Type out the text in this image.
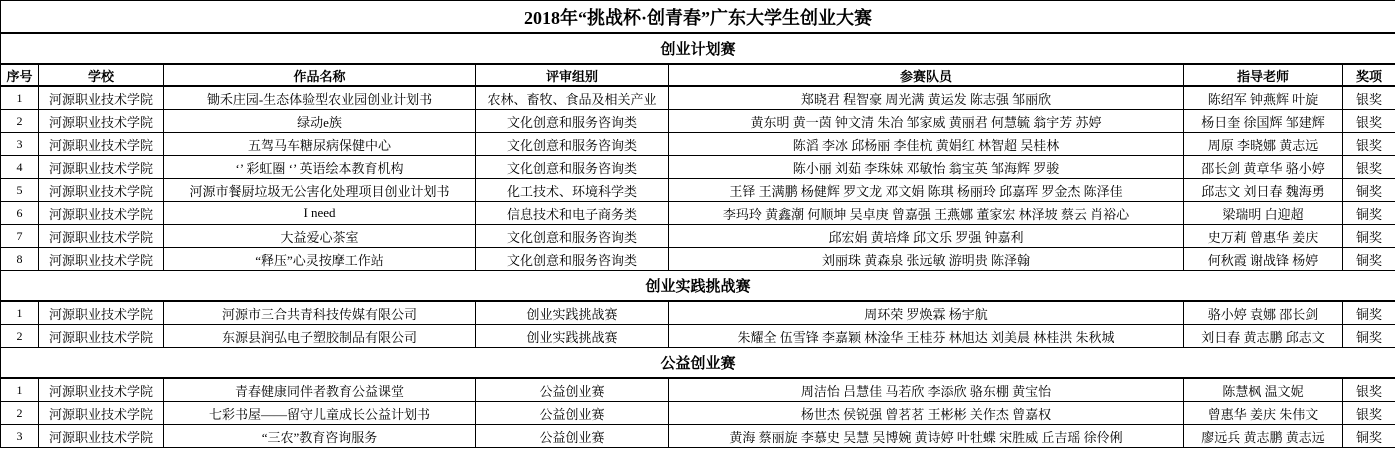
2018年“挑战杯·创青春”广东大学生创业大赛						
创业计划赛						
序号	学校	作品名称	评审组别	参赛队员	指导老师	奖项
1	河源职业技术学院	锄禾庄园-生态体验型农业园创业计划书	农林、畜牧、食品及相关产业	郑晓君 程智豪 周光满 黄运发 陈志强 邹丽欣	陈绍军 钟燕辉 叶旋	银奖
2	河源职业技术学院	绿动e族	文化创意和服务咨询类	黄东明 黄一茵 钟文清 朱冶 邹家威 黄丽君 何慧毓 翁宇芳 苏婷	杨日奎 徐国辉 邹建辉	银奖
3	河源职业技术学院	五驾马车糖尿病保健中心	文化创意和服务咨询类	陈滔 李冰 邱杨丽 李佳杭 黄娟红 林智超 吴桂林	周原 李晓娜 黄志远	银奖
4	河源职业技术学院	‘’ 彩虹圈 ‘’ 英语绘本教育机构	文化创意和服务咨询类	陈小丽 刘茹 李珠妹 邓敏怡 翁宝英 邹海辉 罗骏	邵长剑 黄章华 骆小婷	银奖
5	河源职业技术学院	河源市餐厨垃圾无公害化处理项目创业计划书	化工技术、环境科学类	王铎 王满鹏 杨健辉 罗文龙 邓文娟 陈琪 杨丽玲 邱嘉珲 罗金杰 陈泽佳	邱志文 刘日春 魏海勇	铜奖
6	河源职业技术学院	I need	信息技术和电子商务类	李玛玲 黄鑫潮 何顺坤 吴卓庚 曾嘉强 王燕娜 董家宏 林泽坡 蔡云 肖裕心	梁瑞明 白迎超	铜奖
7	河源职业技术学院	大益爱心茶室	文化创意和服务咨询类	邱宏娟 黄培烽 邱文乐 罗强 钟嘉利	史万莉 曾惠华 姜庆	铜奖
8	河源职业技术学院	“释压”心灵按摩工作站	文化创意和服务咨询类	刘丽珠 黄森泉 张远敏 游明贵 陈泽翰	何秋霞 谢战锋 杨婷	铜奖
创业实践挑战赛						
1	河源职业技术学院	河源市三合共青科技传媒有限公司	创业实践挑战赛	周环荣 罗焕霖 杨宇航	骆小婷 袁娜 邵长剑	铜奖
2	河源职业技术学院	东源县润弘电子塑胶制品有限公司	创业实践挑战赛	朱耀全 伍雪锋 李嘉颖 林淦华 王桂芬 林旭达 刘美晨 林桂洪 朱秋城	刘日春 黄志鹏 邱志文	铜奖
公益创业赛						
1	河源职业技术学院	青春健康同伴者教育公益课堂	公益创业赛	周洁怡 吕慧佳 马若欣 李添欣 骆东棚 黄宝怡	陈慧枫 温文妮	银奖
2	河源职业技术学院	七彩书屋——留守儿童成长公益计划书	公益创业赛	杨世杰 侯锐强 曾茗茗 王彬彬 关作杰 曾嘉权	曾惠华 姜庆 朱伟文	银奖
3	河源职业技术学院	“三农”教育咨询服务	公益创业赛	黄海 蔡丽旋 李慕史 吴慧 吴博婉 黄诗婷 叶牡蝶 宋胜威 丘吉瑶 徐伶俐	廖远兵 黄志鹏 黄志远	铜奖
